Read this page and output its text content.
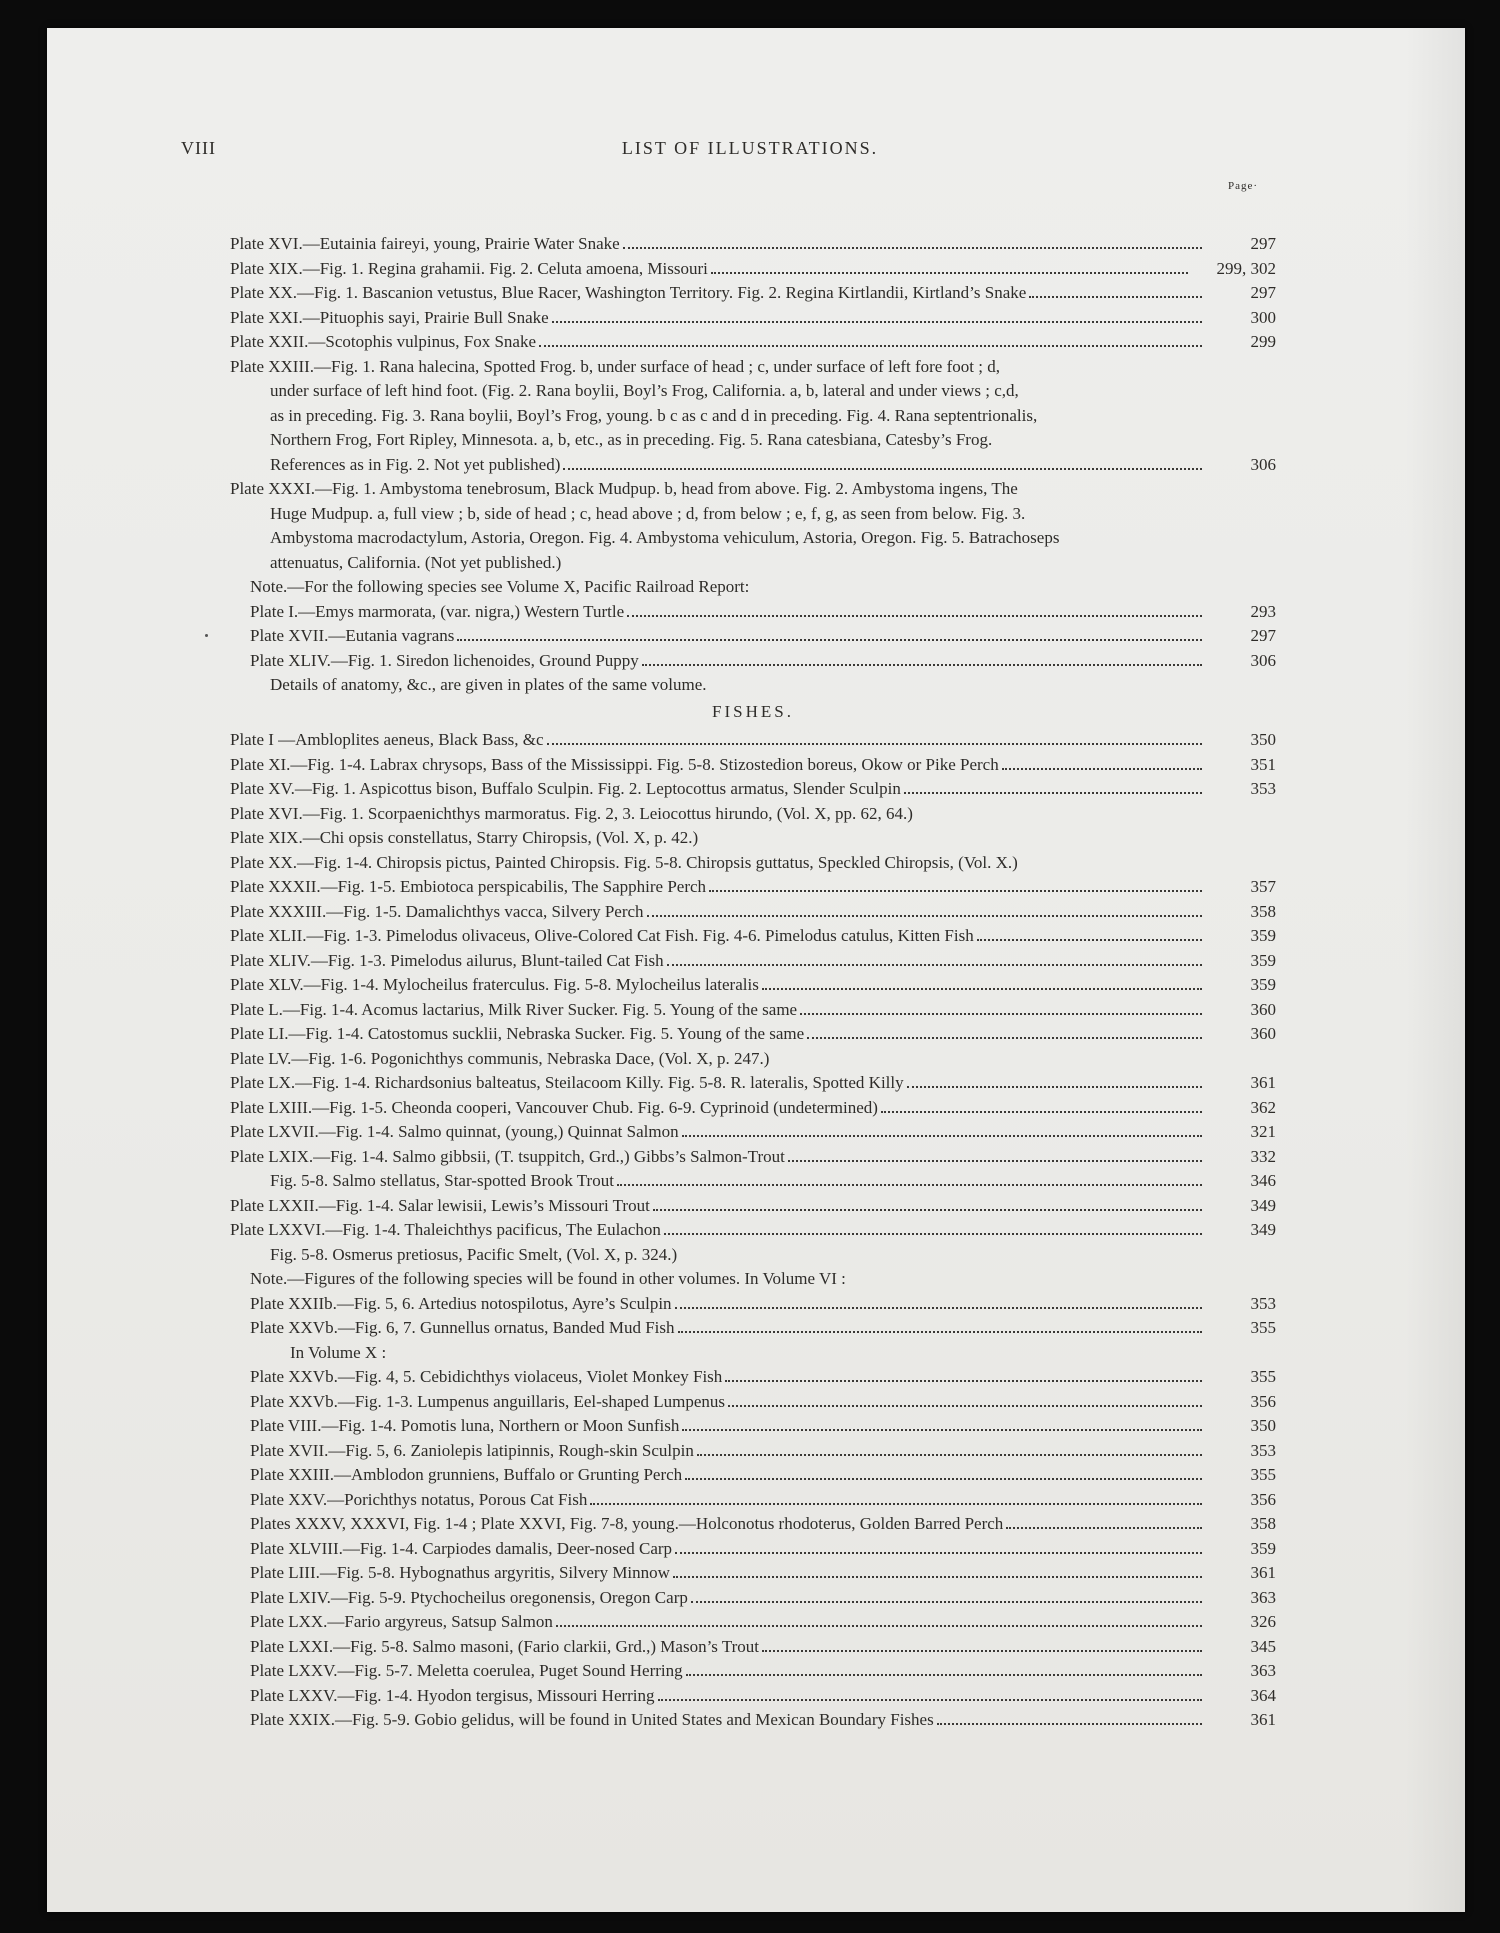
VIII	LIST OF ILLUSTRATIONS.
Page·
Plate XVI.—Eutainia faireyi, young, Prairie Water Snake	297
Plate XIX.—Fig. 1. Regina grahamii. Fig. 2. Celuta amoena, Missouri	299, 302
Plate XX.—Fig. 1. Bascanion vetustus, Blue Racer, Washington Territory. Fig. 2. Regina Kirtlandii, Kirtland’s Snake	297
Plate XXI.—Pituophis sayi, Prairie Bull Snake	300
Plate XXII.—Scotophis vulpinus, Fox Snake	299
Plate XXIII.—Fig. 1. Rana halecina, Spotted Frog. b, under surface of head ; c, under surface of left fore foot ; d,
under surface of left hind foot. (Fig. 2. Rana boylii, Boyl’s Frog, California. a, b, lateral and under views ; c,d,
as in preceding. Fig. 3. Rana boylii, Boyl’s Frog, young. b c as c and d in preceding. Fig. 4. Rana septentrionalis,
Northern Frog, Fort Ripley, Minnesota. a, b, etc., as in preceding. Fig. 5. Rana catesbiana, Catesby’s Frog.
References as in Fig. 2. Not yet published)	306
Plate XXXI.—Fig. 1. Ambystoma tenebrosum, Black Mudpup. b, head from above. Fig. 2. Ambystoma ingens, The
Huge Mudpup. a, full view ; b, side of head ; c, head above ; d, from below ; e, f, g, as seen from below. Fig. 3.
Ambystoma macrodactylum, Astoria, Oregon. Fig. 4. Ambystoma vehiculum, Astoria, Oregon. Fig. 5. Batrachoseps
attenuatus, California. (Not yet published.)
Note.—For the following species see Volume X, Pacific Railroad Report:
Plate I.—Emys marmorata, (var. nigra,) Western Turtle	293
Plate XVII.—Eutania vagrans	297
Plate XLIV.—Fig. 1. Siredon lichenoides, Ground Puppy	306
Details of anatomy, &c., are given in plates of the same volume.
FISHES.
Plate I —Ambloplites aeneus, Black Bass, &c	350
Plate XI.—Fig. 1-4. Labrax chrysops, Bass of the Mississippi. Fig. 5-8. Stizostedion boreus, Okow or Pike Perch	351
Plate XV.—Fig. 1. Aspicottus bison, Buffalo Sculpin. Fig. 2. Leptocottus armatus, Slender Sculpin	353
Plate XVI.—Fig. 1. Scorpaenichthys marmoratus. Fig. 2, 3. Leiocottus hirundo, (Vol. X, pp. 62, 64.)
Plate XIX.—Chi opsis constellatus, Starry Chiropsis, (Vol. X, p. 42.)
Plate XX.—Fig. 1-4. Chiropsis pictus, Painted Chiropsis. Fig. 5-8. Chiropsis guttatus, Speckled Chiropsis, (Vol. X.)
Plate XXXII.—Fig. 1-5. Embiotoca perspicabilis, The Sapphire Perch	357
Plate XXXIII.—Fig. 1-5. Damalichthys vacca, Silvery Perch	358
Plate XLII.—Fig. 1-3. Pimelodus olivaceus, Olive-Colored Cat Fish. Fig. 4-6. Pimelodus catulus, Kitten Fish	359
Plate XLIV.—Fig. 1-3. Pimelodus ailurus, Blunt-tailed Cat Fish	359
Plate XLV.—Fig. 1-4. Mylocheilus fraterculus. Fig. 5-8. Mylocheilus lateralis	359
Plate L.—Fig. 1-4. Acomus lactarius, Milk River Sucker. Fig. 5. Young of the same	360
Plate LI.—Fig. 1-4. Catostomus sucklii, Nebraska Sucker. Fig. 5. Young of the same	360
Plate LV.—Fig. 1-6. Pogonichthys communis, Nebraska Dace, (Vol. X, p. 247.)
Plate LX.—Fig. 1-4. Richardsonius balteatus, Steilacoom Killy. Fig. 5-8. R. lateralis, Spotted Killy	361
Plate LXIII.—Fig. 1-5. Cheonda cooperi, Vancouver Chub. Fig. 6-9. Cyprinoid (undetermined)	362
Plate LXVII.—Fig. 1-4. Salmo quinnat, (young,) Quinnat Salmon	321
Plate LXIX.—Fig. 1-4. Salmo gibbsii, (T. tsuppitch, Grd.,) Gibbs’s Salmon-Trout	332
Fig. 5-8. Salmo stellatus, Star-spotted Brook Trout	346
Plate LXXII.—Fig. 1-4. Salar lewisii, Lewis’s Missouri Trout	349
Plate LXXVI.—Fig. 1-4. Thaleichthys pacificus, The Eulachon	349
Fig. 5-8. Osmerus pretiosus, Pacific Smelt, (Vol. X, p. 324.)
Note.—Figures of the following species will be found in other volumes. In Volume VI :
Plate XXIIb.—Fig. 5, 6. Artedius notospilotus, Ayre’s Sculpin	353
Plate XXVb.—Fig. 6, 7. Gunnellus ornatus, Banded Mud Fish	355
In Volume X :
Plate XXVb.—Fig. 4, 5. Cebidichthys violaceus, Violet Monkey Fish	355
Plate XXVb.—Fig. 1-3. Lumpenus anguillaris, Eel-shaped Lumpenus	356
Plate VIII.—Fig. 1-4. Pomotis luna, Northern or Moon Sunfish	350
Plate XVII.—Fig. 5, 6. Zaniolepis latipinnis, Rough-skin Sculpin	353
Plate XXIII.—Amblodon grunniens, Buffalo or Grunting Perch	355
Plate XXV.—Porichthys notatus, Porous Cat Fish	356
Plates XXXV, XXXVI, Fig. 1-4 ; Plate XXVI, Fig. 7-8, young.—Holconotus rhodoterus, Golden Barred Perch	358
Plate XLVIII.—Fig. 1-4. Carpiodes damalis, Deer-nosed Carp	359
Plate LIII.—Fig. 5-8. Hybognathus argyritis, Silvery Minnow	361
Plate LXIV.—Fig. 5-9. Ptychocheilus oregonensis, Oregon Carp	363
Plate LXX.—Fario argyreus, Satsup Salmon	326
Plate LXXI.—Fig. 5-8. Salmo masoni, (Fario clarkii, Grd.,) Mason’s Trout	345
Plate LXXV.—Fig. 5-7. Meletta coerulea, Puget Sound Herring	363
Plate LXXV.—Fig. 1-4. Hyodon tergisus, Missouri Herring	364
Plate XXIX.—Fig. 5-9. Gobio gelidus, will be found in United States and Mexican Boundary Fishes	361
